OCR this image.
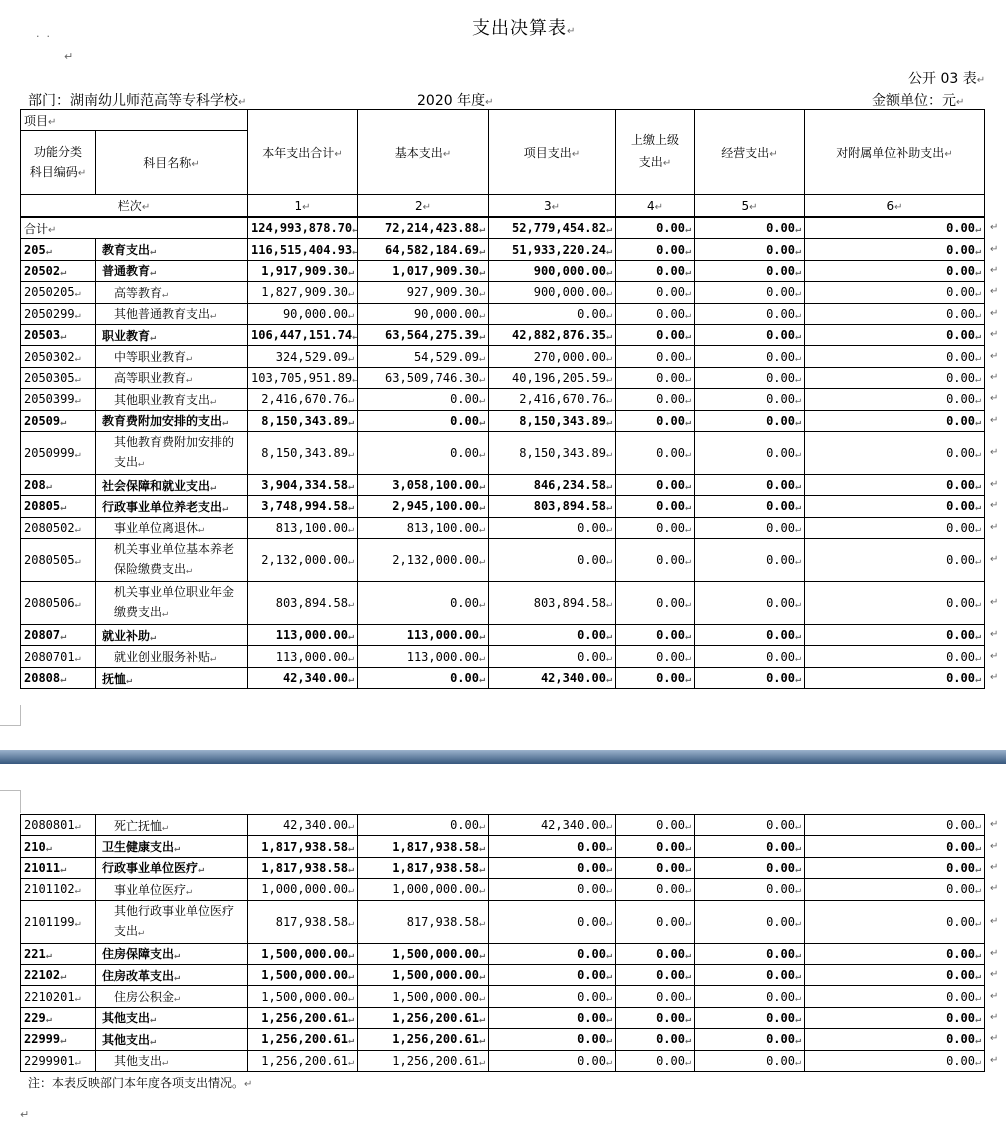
支出决算表 ↵
·  ·
↵
公开 03 表 ↵
部门：湖南幼儿师范高等专科学校 ↵	2020 年度 ↵	金额单位：元 ↵
项目 ↵		本年支出合计 ↵	基本支出 ↵	项目支出 ↵	上缴上级支出 ↵	经营支出 ↵	对附属单位补助支出 ↵
功能分类科目编码 ↵	科目名称 ↵
栏次 ↵		1 ↵	2 ↵	3 ↵	4 ↵	5 ↵	6 ↵
合计 ↵		124,993,878.70 ↵	72,214,423.88 ↵	52,779,454.82 ↵	0.00 ↵	0.00 ↵	0.00 ↵
205 ↵	教育支出 ↵	116,515,404.93 ↵	64,582,184.69 ↵	51,933,220.24 ↵	0.00 ↵	0.00 ↵	0.00 ↵
20502 ↵	普通教育 ↵	1,917,909.30 ↵	1,017,909.30 ↵	900,000.00 ↵	0.00 ↵	0.00 ↵	0.00 ↵
2050205 ↵	高等教育 ↵	1,827,909.30 ↵	927,909.30 ↵	900,000.00 ↵	0.00 ↵	0.00 ↵	0.00 ↵
2050299 ↵	其他普通教育支出 ↵	90,000.00 ↵	90,000.00 ↵	0.00 ↵	0.00 ↵	0.00 ↵	0.00 ↵
20503 ↵	职业教育 ↵	106,447,151.74 ↵	63,564,275.39 ↵	42,882,876.35 ↵	0.00 ↵	0.00 ↵	0.00 ↵
2050302 ↵	中等职业教育 ↵	324,529.09 ↵	54,529.09 ↵	270,000.00 ↵	0.00 ↵	0.00 ↵	0.00 ↵
2050305 ↵	高等职业教育 ↵	103,705,951.89 ↵	63,509,746.30 ↵	40,196,205.59 ↵	0.00 ↵	0.00 ↵	0.00 ↵
2050399 ↵	其他职业教育支出 ↵	2,416,670.76 ↵	0.00 ↵	2,416,670.76 ↵	0.00 ↵	0.00 ↵	0.00 ↵
20509 ↵	教育费附加安排的支出 ↵	8,150,343.89 ↵	0.00 ↵	8,150,343.89 ↵	0.00 ↵	0.00 ↵	0.00 ↵
2050999 ↵	其他教育费附加安排的支出 ↵	8,150,343.89 ↵	0.00 ↵	8,150,343.89 ↵	0.00 ↵	0.00 ↵	0.00 ↵
208 ↵	社会保障和就业支出 ↵	3,904,334.58 ↵	3,058,100.00 ↵	846,234.58 ↵	0.00 ↵	0.00 ↵	0.00 ↵
20805 ↵	行政事业单位养老支出 ↵	3,748,994.58 ↵	2,945,100.00 ↵	803,894.58 ↵	0.00 ↵	0.00 ↵	0.00 ↵
2080502 ↵	事业单位离退休 ↵	813,100.00 ↵	813,100.00 ↵	0.00 ↵	0.00 ↵	0.00 ↵	0.00 ↵
2080505 ↵	机关事业单位基本养老保险缴费支出 ↵	2,132,000.00 ↵	2,132,000.00 ↵	0.00 ↵	0.00 ↵	0.00 ↵	0.00 ↵
2080506 ↵	机关事业单位职业年金缴费支出 ↵	803,894.58 ↵	0.00 ↵	803,894.58 ↵	0.00 ↵	0.00 ↵	0.00 ↵
20807 ↵	就业补助 ↵	113,000.00 ↵	113,000.00 ↵	0.00 ↵	0.00 ↵	0.00 ↵	0.00 ↵
2080701 ↵	就业创业服务补贴 ↵	113,000.00 ↵	113,000.00 ↵	0.00 ↵	0.00 ↵	0.00 ↵	0.00 ↵
20808 ↵	抚恤 ↵	42,340.00 ↵	0.00 ↵	42,340.00 ↵	0.00 ↵	0.00 ↵	0.00 ↵
2080801 ↵	死亡抚恤 ↵	42,340.00 ↵	0.00 ↵	42,340.00 ↵	0.00 ↵	0.00 ↵	0.00 ↵
210 ↵	卫生健康支出 ↵	1,817,938.58 ↵	1,817,938.58 ↵	0.00 ↵	0.00 ↵	0.00 ↵	0.00 ↵
21011 ↵	行政事业单位医疗 ↵	1,817,938.58 ↵	1,817,938.58 ↵	0.00 ↵	0.00 ↵	0.00 ↵	0.00 ↵
2101102 ↵	事业单位医疗 ↵	1,000,000.00 ↵	1,000,000.00 ↵	0.00 ↵	0.00 ↵	0.00 ↵	0.00 ↵
2101199 ↵	其他行政事业单位医疗支出 ↵	817,938.58 ↵	817,938.58 ↵	0.00 ↵	0.00 ↵	0.00 ↵	0.00 ↵
221 ↵	住房保障支出 ↵	1,500,000.00 ↵	1,500,000.00 ↵	0.00 ↵	0.00 ↵	0.00 ↵	0.00 ↵
22102 ↵	住房改革支出 ↵	1,500,000.00 ↵	1,500,000.00 ↵	0.00 ↵	0.00 ↵	0.00 ↵	0.00 ↵
2210201 ↵	住房公积金 ↵	1,500,000.00 ↵	1,500,000.00 ↵	0.00 ↵	0.00 ↵	0.00 ↵	0.00 ↵
229 ↵	其他支出 ↵	1,256,200.61 ↵	1,256,200.61 ↵	0.00 ↵	0.00 ↵	0.00 ↵	0.00 ↵
22999 ↵	其他支出 ↵	1,256,200.61 ↵	1,256,200.61 ↵	0.00 ↵	0.00 ↵	0.00 ↵	0.00 ↵
2299901 ↵	其他支出 ↵	1,256,200.61 ↵	1,256,200.61 ↵	0.00 ↵	0.00 ↵	0.00 ↵	0.00 ↵
注：本表反映部门本年度各项支出情况。 ↵
↵
↵
↵
↵
↵
↵
↵
↵
↵
↵
↵
↵
↵
↵
↵
↵
↵
↵
↵
↵
↵
↵
↵
↵
↵
↵
↵
↵
↵
↵
↵
